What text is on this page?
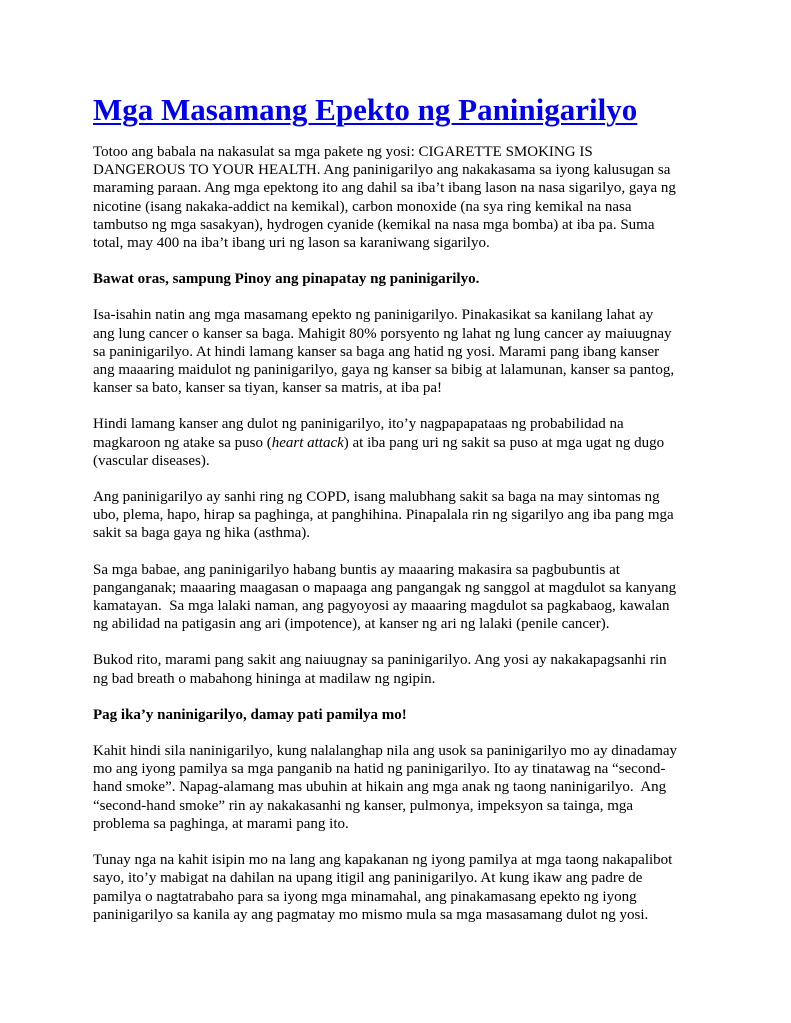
Mga Masamang Epekto ng Paninigarilyo

Totoo ang babala na nakasulat sa mga pakete ng yosi: CIGARETTE SMOKING IS
DANGEROUS TO YOUR HEALTH. Ang paninigarilyo ang nakakasama sa iyong kalusugan sa
maraming paraan. Ang mga epektong ito ang dahil sa iba’t ibang lason na nasa sigarilyo, gaya ng
nicotine (isang nakaka-addict na kemikal), carbon monoxide (na sya ring kemikal na nasa
tambutso ng mga sasakyan), hydrogen cyanide (kemikal na nasa mga bomba) at iba pa. Suma
total, may 400 na iba’t ibang uri ng lason sa karaniwang sigarilyo.

Bawat oras, sampung Pinoy ang pinapatay ng paninigarilyo.

Isa-isahin natin ang mga masamang epekto ng paninigarilyo. Pinakasikat sa kanilang lahat ay
ang lung cancer o kanser sa baga. Mahigit 80% porsyento ng lahat ng lung cancer ay maiuugnay
sa paninigarilyo. At hindi lamang kanser sa baga ang hatid ng yosi. Marami pang ibang kanser
ang maaaring maidulot ng paninigarilyo, gaya ng kanser sa bibig at lalamunan, kanser sa pantog,
kanser sa bato, kanser sa tiyan, kanser sa matris, at iba pa!

Hindi lamang kanser ang dulot ng paninigarilyo, ito’y nagpapapataas ng probabilidad na
magkaroon ng atake sa puso (heart attack) at iba pang uri ng sakit sa puso at mga ugat ng dugo
(vascular diseases).

Ang paninigarilyo ay sanhi ring ng COPD, isang malubhang sakit sa baga na may sintomas ng
ubo, plema, hapo, hirap sa paghinga, at panghihina. Pinapalala rin ng sigarilyo ang iba pang mga
sakit sa baga gaya ng hika (asthma).

Sa mga babae, ang paninigarilyo habang buntis ay maaaring makasira sa pagbubuntis at
panganganak; maaaring maagasan o mapaaga ang pangangak ng sanggol at magdulot sa kanyang
kamatayan.  Sa mga lalaki naman, ang pagyoyosi ay maaaring magdulot sa pagkabaog, kawalan
ng abilidad na patigasin ang ari (impotence), at kanser ng ari ng lalaki (penile cancer).

Bukod rito, marami pang sakit ang naiuugnay sa paninigarilyo. Ang yosi ay nakakapagsanhi rin
ng bad breath o mabahong hininga at madilaw ng ngipin.

Pag ika’y naninigarilyo, damay pati pamilya mo!

Kahit hindi sila naninigarilyo, kung nalalanghap nila ang usok sa paninigarilyo mo ay dinadamay
mo ang iyong pamilya sa mga panganib na hatid ng paninigarilyo. Ito ay tinatawag na “second-
hand smoke”. Napag-alamang mas ubuhin at hikain ang mga anak ng taong naninigarilyo.  Ang
“second-hand smoke” rin ay nakakasanhi ng kanser, pulmonya, impeksyon sa tainga, mga
problema sa paghinga, at marami pang ito.

Tunay nga na kahit isipin mo na lang ang kapakanan ng iyong pamilya at mga taong nakapalibot
sayo, ito’y mabigat na dahilan na upang itigil ang paninigarilyo. At kung ikaw ang padre de
pamilya o nagtatrabaho para sa iyong mga minamahal, ang pinakamasang epekto ng iyong
paninigarilyo sa kanila ay ang pagmatay mo mismo mula sa mga masasamang dulot ng yosi.
